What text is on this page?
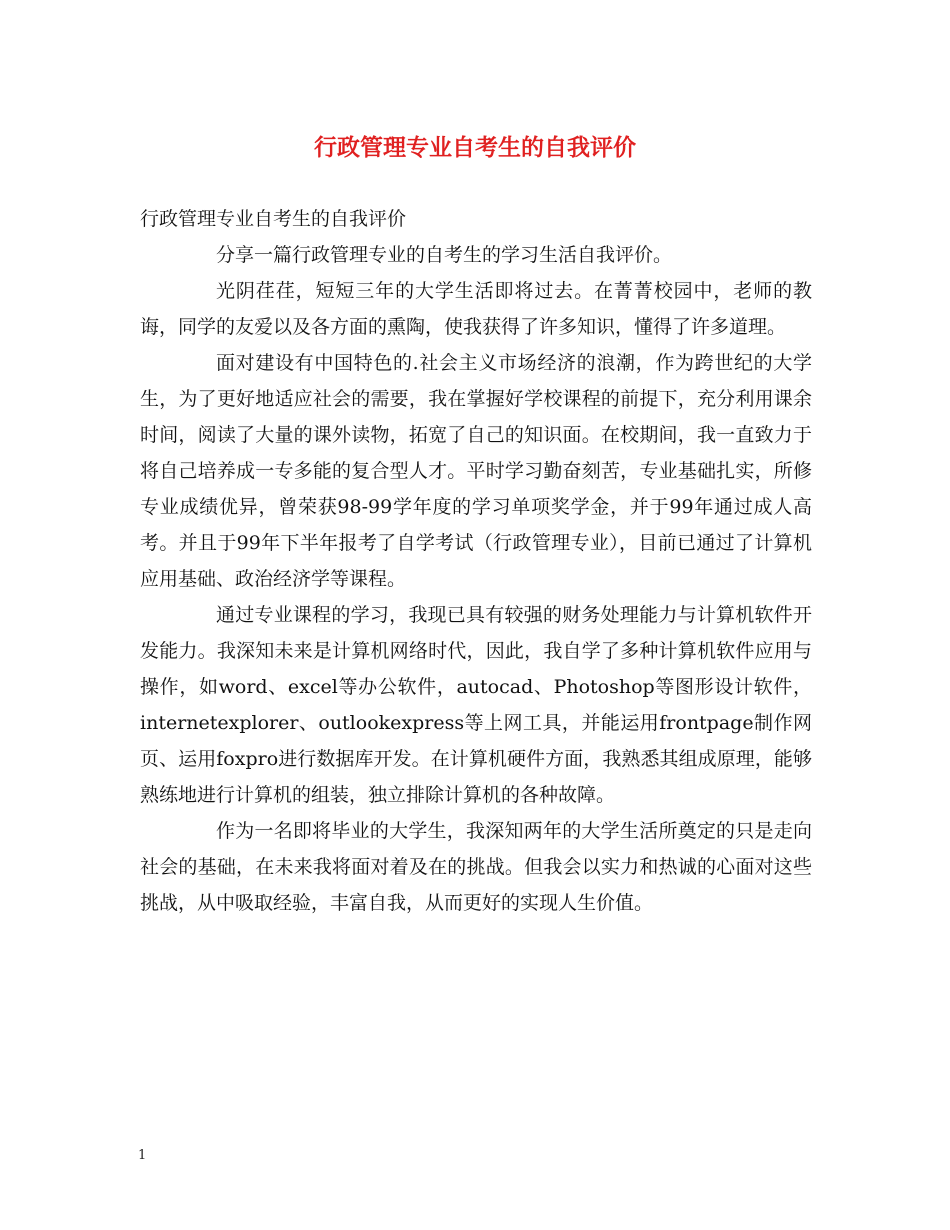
行政管理专业自考生的自我评价

行政管理专业自考生的自我评价

分享一篇行政管理专业的自考生的学习生活自我评价。

光阴荏荏，短短三年的大学生活即将过去。在菁菁校园中，老师的教诲，同学的友爱以及各方面的熏陶，使我获得了许多知识，懂得了许多道理。

面对建设有中国特色的.社会主义市场经济的浪潮，作为跨世纪的大学生，为了更好地适应社会的需要，我在掌握好学校课程的前提下，充分利用课余时间，阅读了大量的课外读物，拓宽了自己的知识面。在校期间，我一直致力于将自己培养成一专多能的复合型人才。平时学习勤奋刻苦，专业基础扎实，所修专业成绩优异，曾荣获98-99学年度的学习单项奖学金，并于99年通过成人高考。并且于99年下半年报考了自学考试（行政管理专业），目前已通过了计算机应用基础、政治经济学等课程。

通过专业课程的学习，我现已具有较强的财务处理能力与计算机软件开发能力。我深知未来是计算机网络时代，因此，我自学了多种计算机软件应用与操作，如word、excel等办公软件，autocad、Photoshop等图形设计软件，internetexplorer、outlookexpress等上网工具，并能运用frontpage制作网页、运用foxpro进行数据库开发。在计算机硬件方面，我熟悉其组成原理，能够熟练地进行计算机的组装，独立排除计算机的各种故障。

作为一名即将毕业的大学生，我深知两年的大学生活所奠定的只是走向社会的基础，在未来我将面对着及在的挑战。但我会以实力和热诚的心面对这些挑战，从中吸取经验，丰富自我，从而更好的实现人生价值。

1
